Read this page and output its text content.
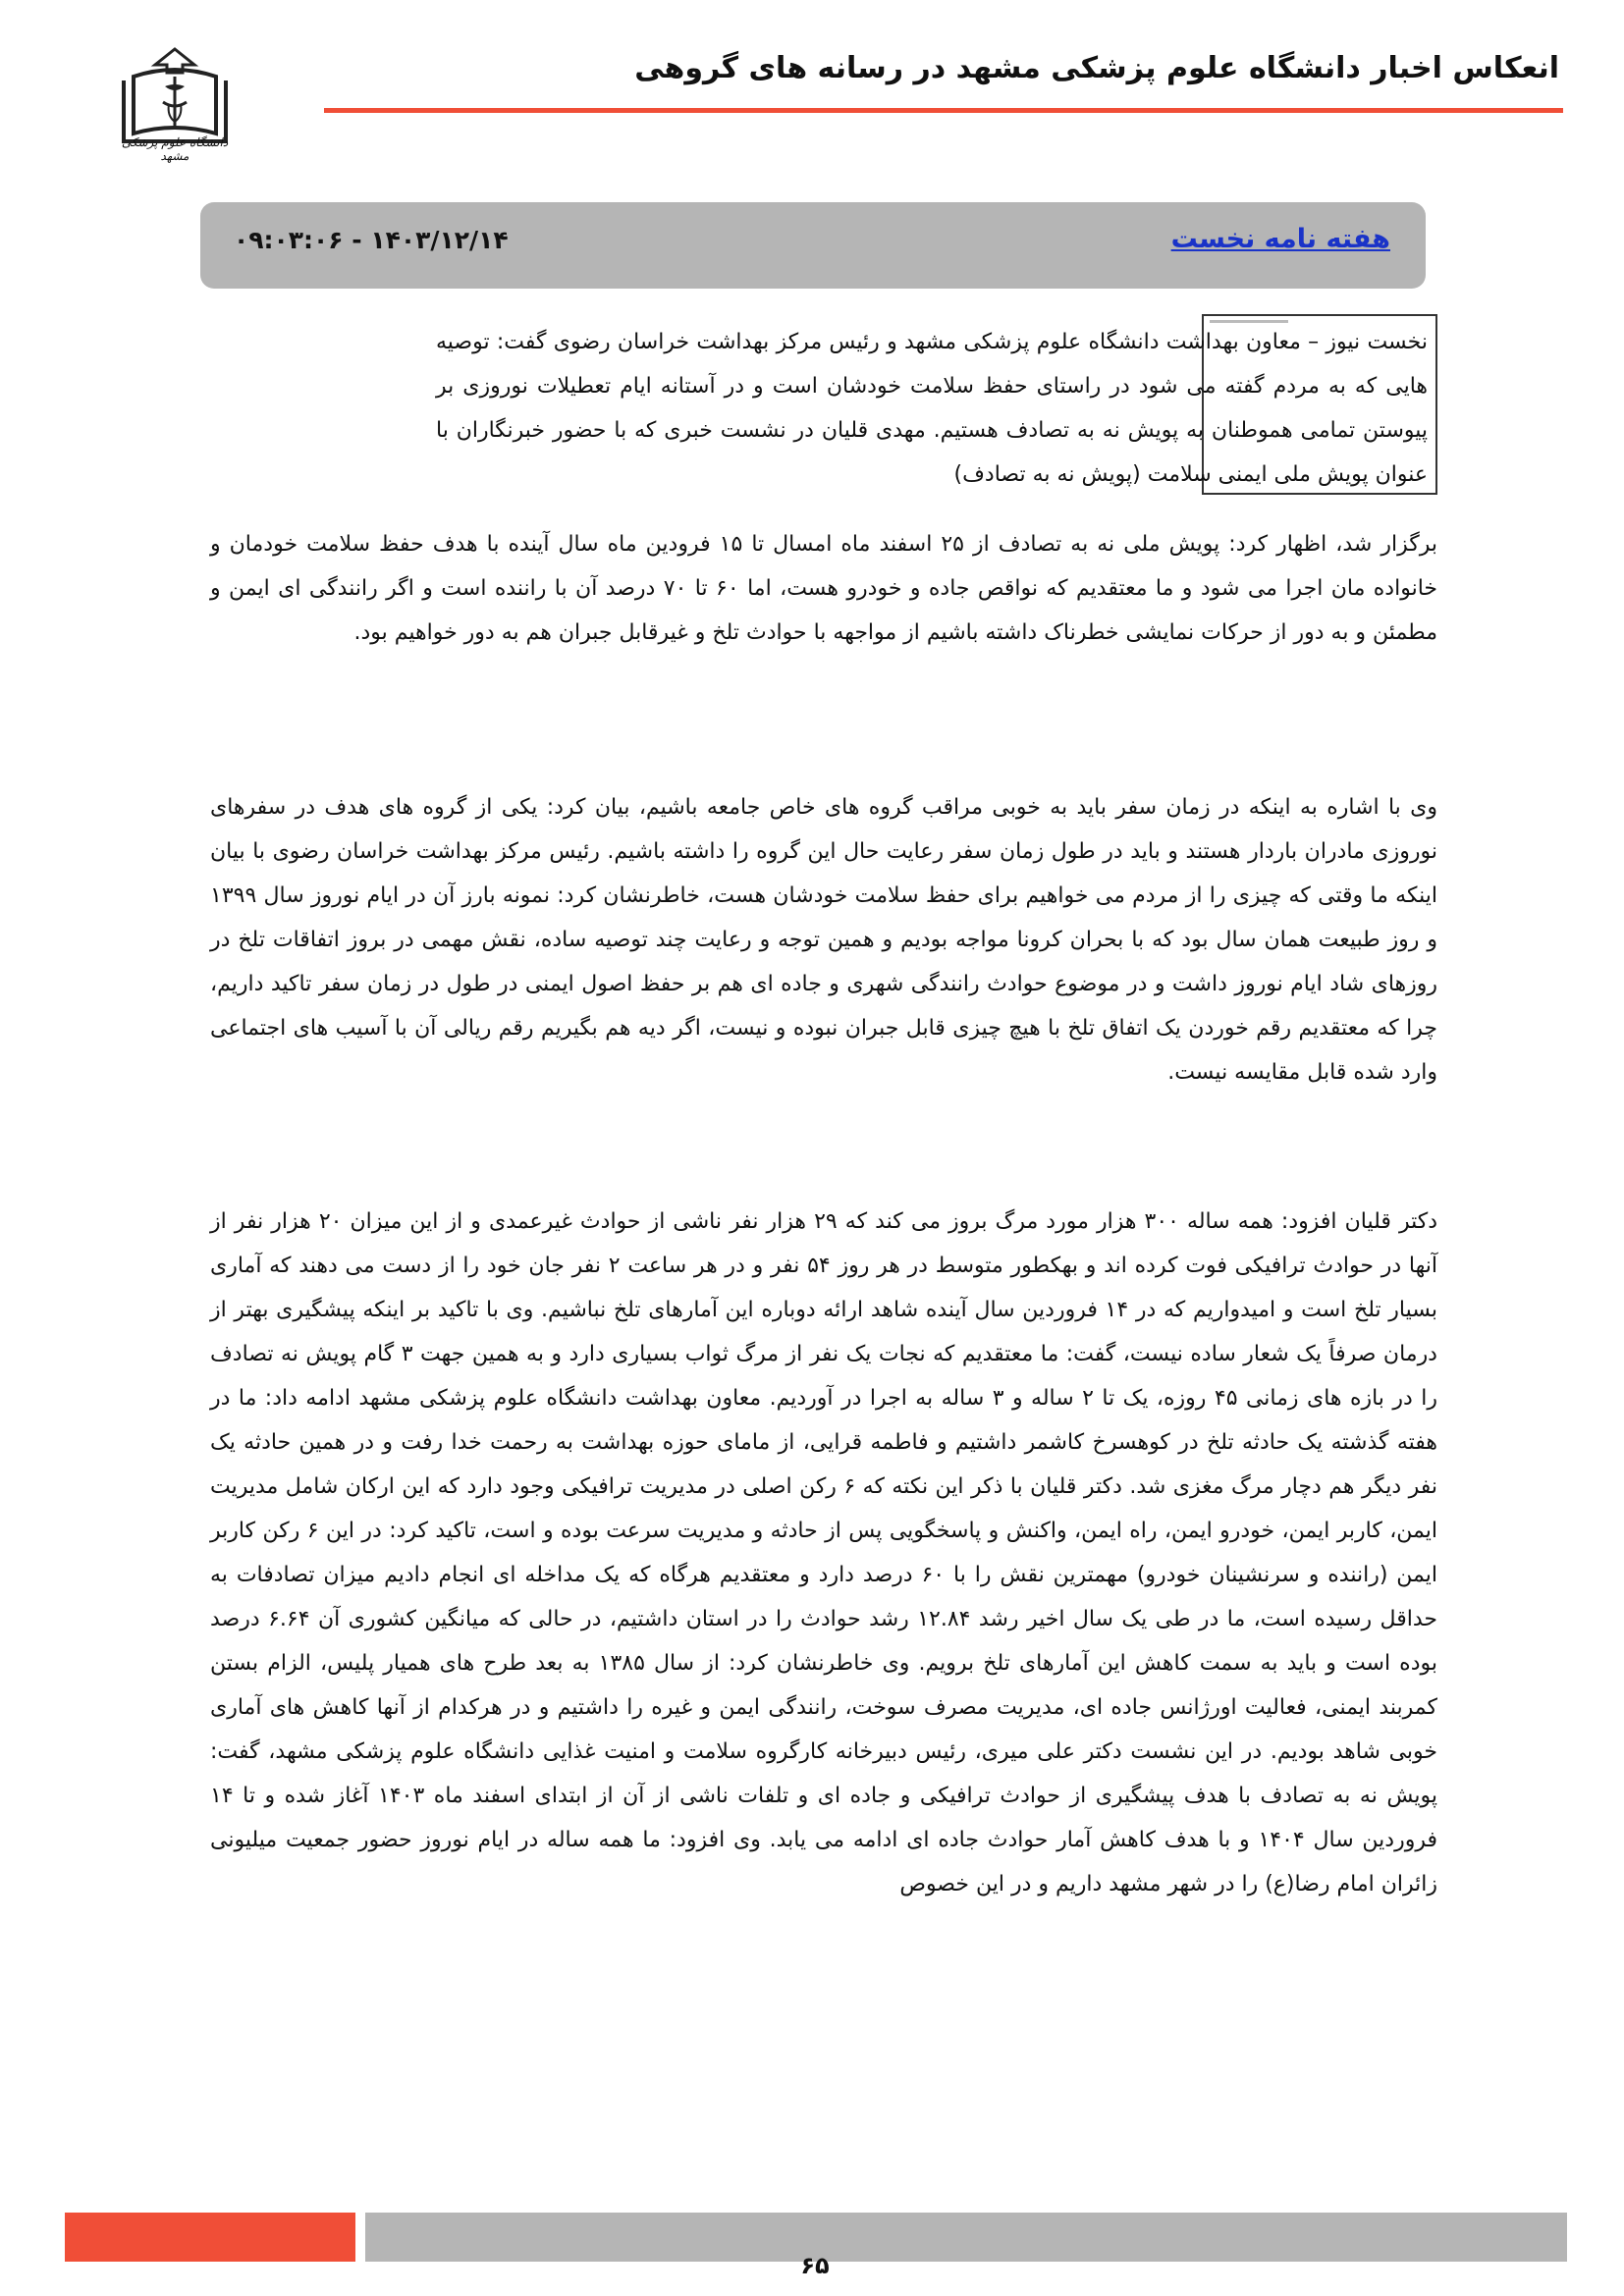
انعکاس اخبار دانشگاه علوم پزشکی مشهد در رسانه های گروهی
دانشگاه علوم پزشکی مشهد
هفته نامه نخست
۱۴۰۳/۱۲/۱۴ - ۰۹:۰۳:۰۶

نخست نیوز – معاون بهداشت دانشگاه علوم پزشکی مشهد و رئیس مرکز بهداشت خراسان رضوی گفت: توصیه هایی که به مردم گفته می شود در راستای حفظ سلامت خودشان است و در آستانه ایام تعطیلات نوروزی بر پیوستن تمامی هموطنان به پویش نه به تصادف هستیم. مهدی قلیان در نشست خبری که با حضور خبرنگاران با عنوان پویش ملی ایمنی سلامت (پویش نه به تصادف)

برگزار شد، اظهار کرد: پویش ملی نه به تصادف از ۲۵ اسفند ماه امسال تا ۱۵ فرودین ماه سال آینده با هدف حفظ سلامت خودمان و خانواده مان اجرا می شود و ما معتقدیم که نواقص جاده و خودرو هست، اما ۶۰ تا ۷۰ درصد آن با راننده است و اگر رانندگی ای ایمن و مطمئن و به دور از حرکات نمایشی خطرناک داشته باشیم از مواجهه با حوادث تلخ و غیرقابل جبران هم به دور خواهیم بود.

وی با اشاره به اینکه در زمان سفر باید به خوبی مراقب گروه های خاص جامعه باشیم، بیان کرد: یکی از گروه های هدف در سفرهای نوروزی مادران باردار هستند و باید در طول زمان سفر رعایت حال این گروه را داشته باشیم. رئیس مرکز بهداشت خراسان رضوی با بیان اینکه ما وقتی که چیزی را از مردم می خواهیم برای حفظ سلامت خودشان هست، خاطرنشان کرد: نمونه بارز آن در ایام نوروز سال ۱۳۹۹ و روز طبیعت همان سال بود که با بحران کرونا مواجه بودیم و همین توجه و رعایت چند توصیه ساده، نقش مهمی در بروز اتفاقات تلخ در روزهای شاد ایام نوروز داشت و در موضوع حوادث رانندگی شهری و جاده ای هم بر حفظ اصول ایمنی در طول در زمان سفر تاکید داریم، چرا که معتقدیم رقم خوردن یک اتفاق تلخ با هیچ چیزی قابل جبران نبوده و نیست، اگر دیه هم بگیریم رقم ریالی آن با آسیب های اجتماعی وارد شده قابل مقایسه نیست.

دکتر قلیان افزود: همه ساله ۳۰۰ هزار مورد مرگ بروز می کند که ۲۹ هزار نفر ناشی از حوادث غیرعمدی و از این میزان ۲۰ هزار نفر از آنها در حوادث ترافیکی فوت کرده اند و بهکطور متوسط در هر روز ۵۴ نفر و در هر ساعت ۲ نفر جان خود را از دست می دهند که آماری بسیار تلخ است و امیدواریم که در ۱۴ فروردین سال آینده شاهد ارائه دوباره این آمارهای تلخ نباشیم. وی با تاکید بر اینکه پیشگیری بهتر از درمان صرفاً یک شعار ساده نیست، گفت: ما معتقدیم که نجات یک نفر از مرگ ثواب بسیاری دارد و به همین جهت ۳ گام پویش نه تصادف را در بازه های زمانی ۴۵ روزه، یک تا ۲ ساله و ۳ ساله به اجرا در آوردیم. معاون بهداشت دانشگاه علوم پزشکی مشهد ادامه داد: ما در هفته گذشته یک حادثه تلخ در کوهسرخ کاشمر داشتیم و فاطمه قرایی، از مامای حوزه بهداشت به رحمت خدا رفت و در همین حادثه یک نفر دیگر هم دچار مرگ مغزی شد. دکتر قلیان با ذکر این نکته که ۶ رکن اصلی در مدیریت ترافیکی وجود دارد که این ارکان شامل مدیریت ایمن، کاربر ایمن، خودرو ایمن، راه ایمن، واکنش و پاسخگویی پس از حادثه و مدیریت سرعت بوده و است، تاکید کرد: در این ۶ رکن کاربر ایمن (راننده و سرنشینان خودرو) مهمترین نقش را با ۶۰ درصد دارد و معتقدیم هرگاه که یک مداخله ای انجام دادیم میزان تصادفات به حداقل رسیده است، ما در طی یک سال اخیر رشد ۱۲.۸۴ رشد حوادث را در استان داشتیم، در حالی که میانگین کشوری آن ۶.۶۴ درصد بوده است و باید به سمت کاهش این آمارهای تلخ برویم. وی خاطرنشان کرد: از سال ۱۳۸۵ به بعد طرح های همیار پلیس، الزام بستن کمربند ایمنی، فعالیت اورژانس جاده ای، مدیریت مصرف سوخت، رانندگی ایمن و غیره را داشتیم و در هرکدام از آنها کاهش های آماری خوبی شاهد بودیم. در این نشست دکتر علی میری، رئیس دبیرخانه کارگروه سلامت و امنیت غذایی دانشگاه علوم پزشکی مشهد، گفت: پویش نه به تصادف با هدف پیشگیری از حوادث ترافیکی و جاده ای و تلفات ناشی از آن از ابتدای اسفند ماه ۱۴۰۳ آغاز شده و تا ۱۴ فروردین سال ۱۴۰۴ و با هدف کاهش آمار حوادث جاده ای ادامه می یابد. وی افزود: ما همه ساله در ایام نوروز حضور جمعیت میلیونی زائران امام رضا(ع) را در شهر مشهد داریم و در این خصوص

۶۵
